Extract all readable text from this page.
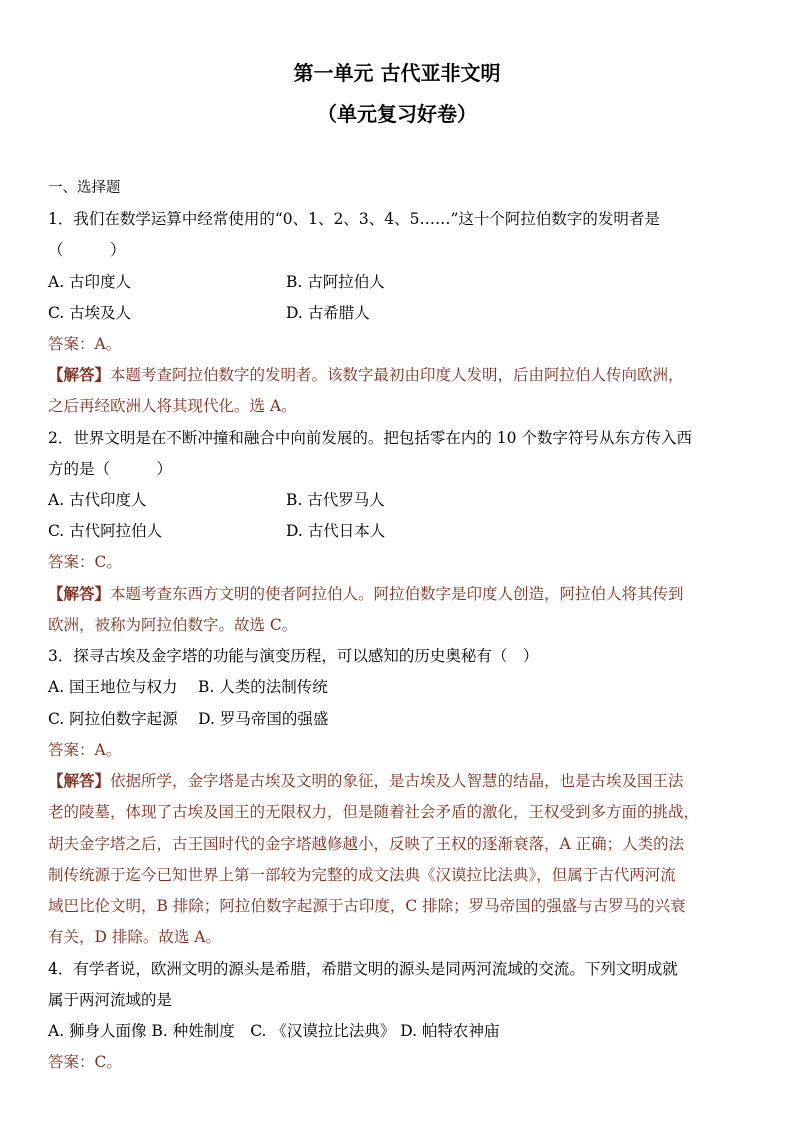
第一单元 古代亚非文明
（单元复习好卷）
一、选择题
1．我们在数学运算中经常使用的“0、1、2、3、4、5……”这十个阿拉伯数字的发明者是
（　　　）
A. 古印度人	B. 古阿拉伯人
C. 古埃及人	D. 古希腊人
答案：A。
【解答】本题考查阿拉伯数字的发明者。该数字最初由印度人发明，后由阿拉伯人传向欧洲，
之后再经欧洲人将其现代化。选 A。
2．世界文明是在不断冲撞和融合中向前发展的。把包括零在内的 10 个数字符号从东方传入西
方的是（　　　）
A. 古代印度人	B. 古代罗马人
C. 古代阿拉伯人	D. 古代日本人
答案：C。
【解答】本题考查东西方文明的使者阿拉伯人。阿拉伯数字是印度人创造，阿拉伯人将其传到
欧洲，被称为阿拉伯数字。故选 C。
3．探寻古埃及金字塔的功能与演变历程，可以感知的历史奥秘有（　）
A. 国王地位与权力　 B. 人类的法制传统
C. 阿拉伯数字起源　 D. 罗马帝国的强盛
答案：A。
【解答】依据所学，金字塔是古埃及文明的象征，是古埃及人智慧的结晶，也是古埃及国王法
老的陵墓，体现了古埃及国王的无限权力，但是随着社会矛盾的激化，王权受到多方面的挑战，
胡夫金字塔之后，古王国时代的金字塔越修越小，反映了王权的逐渐衰落，A 正确；人类的法
制传统源于迄今已知世界上第一部较为完整的成文法典《汉谟拉比法典》，但属于古代两河流
域巴比伦文明，B 排除；阿拉伯数字起源于古印度，C 排除；罗马帝国的强盛与古罗马的兴衰
有关，D 排除。故选 A。
4．有学者说，欧洲文明的源头是希腊，希腊文明的源头是同两河流域的交流。下列文明成就
属于两河流域的是
A. 狮身人面像 B. 种姓制度　C. 《汉谟拉比法典》 D. 帕特农神庙
答案：C。
